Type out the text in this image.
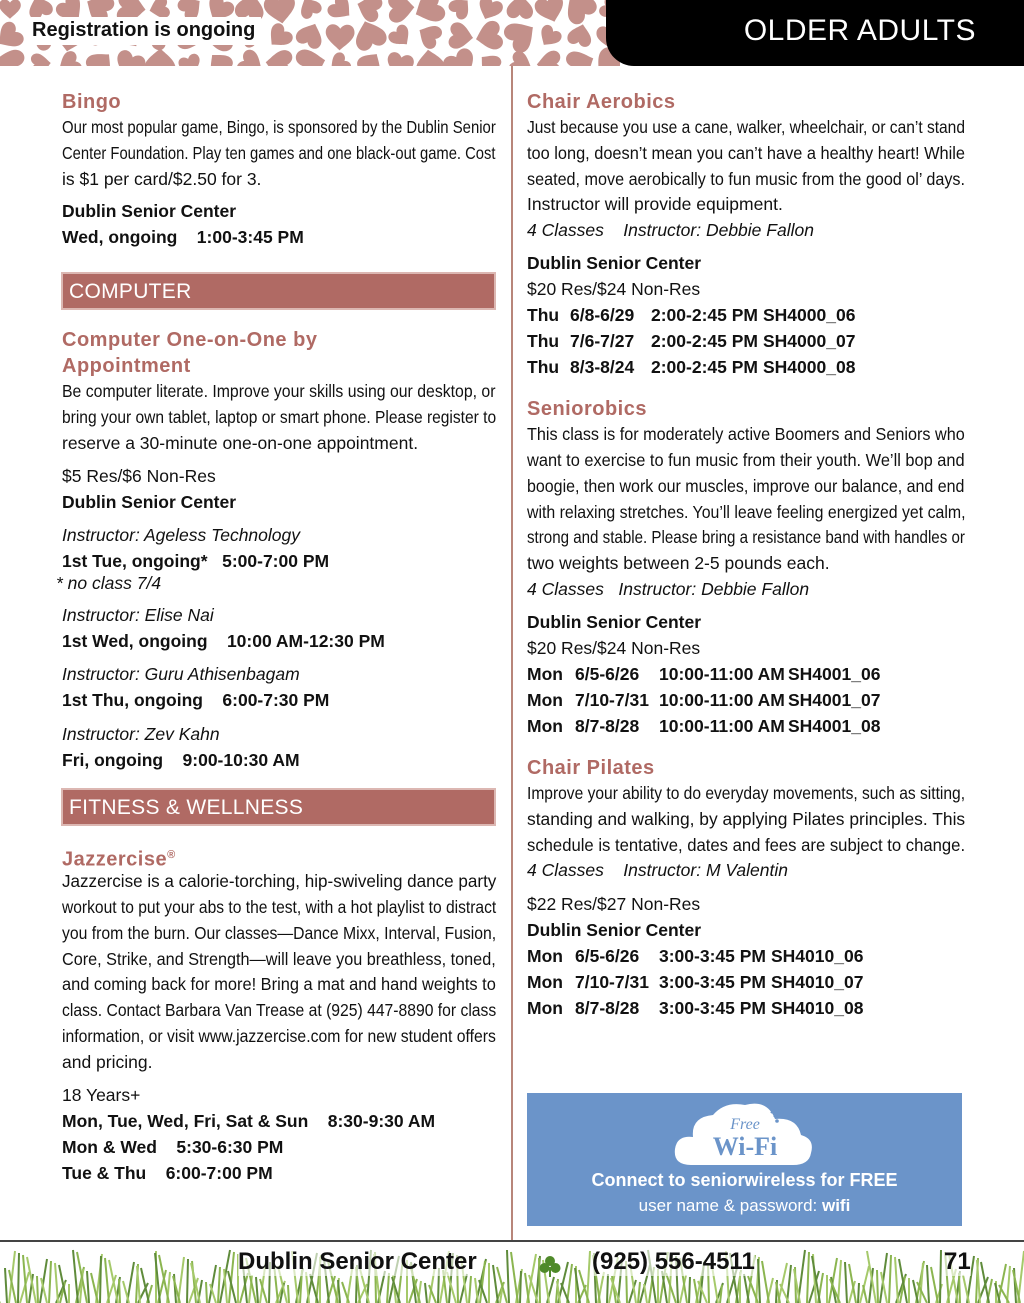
Registration is ongoing	OLDER ADULTS
Bingo
Our most popular game, Bingo, is sponsored by the Dublin Senior
Center Foundation. Play ten games and one black-out game. Cost
is $1 per card/$2.50 for 3.
Dublin Senior Center
Wed, ongoing    1:00-3:45 PM
COMPUTER
Computer One-on-One by
Appointment
Be computer literate. Improve your skills using our desktop, or
bring your own tablet, laptop or smart phone. Please register to
reserve a 30-minute one-on-one appointment.
$5 Res/$6 Non-Res
Dublin Senior Center
Instructor: Ageless Technology
1st Tue, ongoing*   5:00-7:00 PM
* no class 7/4
Instructor: Elise Nai
1st Wed, ongoing    10:00 AM-12:30 PM
Instructor: Guru Athisenbagam
1st Thu, ongoing    6:00-7:30 PM
Instructor: Zev Kahn
Fri, ongoing    9:00-10:30 AM
FITNESS & WELLNESS
Jazzercise®
Jazzercise is a calorie-torching, hip-swiveling dance party
workout to put your abs to the test, with a hot playlist to distract
you from the burn. Our classes—Dance Mixx, Interval, Fusion,
Core, Strike, and Strength—will leave you breathless, toned,
and coming back for more! Bring a mat and hand weights to
class. Contact Barbara Van Trease at (925) 447-8890 for class
information, or visit www.jazzercise.com for new student offers
and pricing.
18 Years+
Mon, Tue, Wed, Fri, Sat & Sun    8:30-9:30 AM
Mon & Wed    5:30-6:30 PM
Tue & Thu    6:00-7:00 PM
Chair Aerobics
Just because you use a cane, walker, wheelchair, or can’t stand
too long, doesn’t mean you can’t have a healthy heart! While
seated, move aerobically to fun music from the good ol’ days.
Instructor will provide equipment.
4 Classes    Instructor: Debbie Fallon
Dublin Senior Center
$20 Res/$24 Non-Res
Thu 6/8-6/29 2:00-2:45 PM SH4000_06
Thu 7/6-7/27 2:00-2:45 PM SH4000_07
Thu 8/3-8/24 2:00-2:45 PM SH4000_08
Seniorobics
This class is for moderately active Boomers and Seniors who
want to exercise to fun music from their youth. We’ll bop and
boogie, then work our muscles, improve our balance, and end
with relaxing stretches. You’ll leave feeling energized yet calm,
strong and stable. Please bring a resistance band with handles or
two weights between 2-5 pounds each.
4 Classes   Instructor: Debbie Fallon
Dublin Senior Center
$20 Res/$24 Non-Res
Mon 6/5-6/26 10:00-11:00 AM SH4001_06
Mon 7/10-7/31 10:00-11:00 AM SH4001_07
Mon 8/7-8/28 10:00-11:00 AM SH4001_08
Chair Pilates
Improve your ability to do everyday movements, such as sitting,
standing and walking, by applying Pilates principles. This
schedule is tentative, dates and fees are subject to change.
4 Classes    Instructor: M Valentin
$22 Res/$27 Non-Res
Dublin Senior Center
Mon 6/5-6/26 3:00-3:45 PM SH4010_06
Mon 7/10-7/31 3:00-3:45 PM SH4010_07
Mon 8/7-8/28 3:00-3:45 PM SH4010_08
Free
Wi-Fi
Connect to seniorwireless for FREE
user name & password: wifi
Dublin Senior Center	(925) 556-4511	71
